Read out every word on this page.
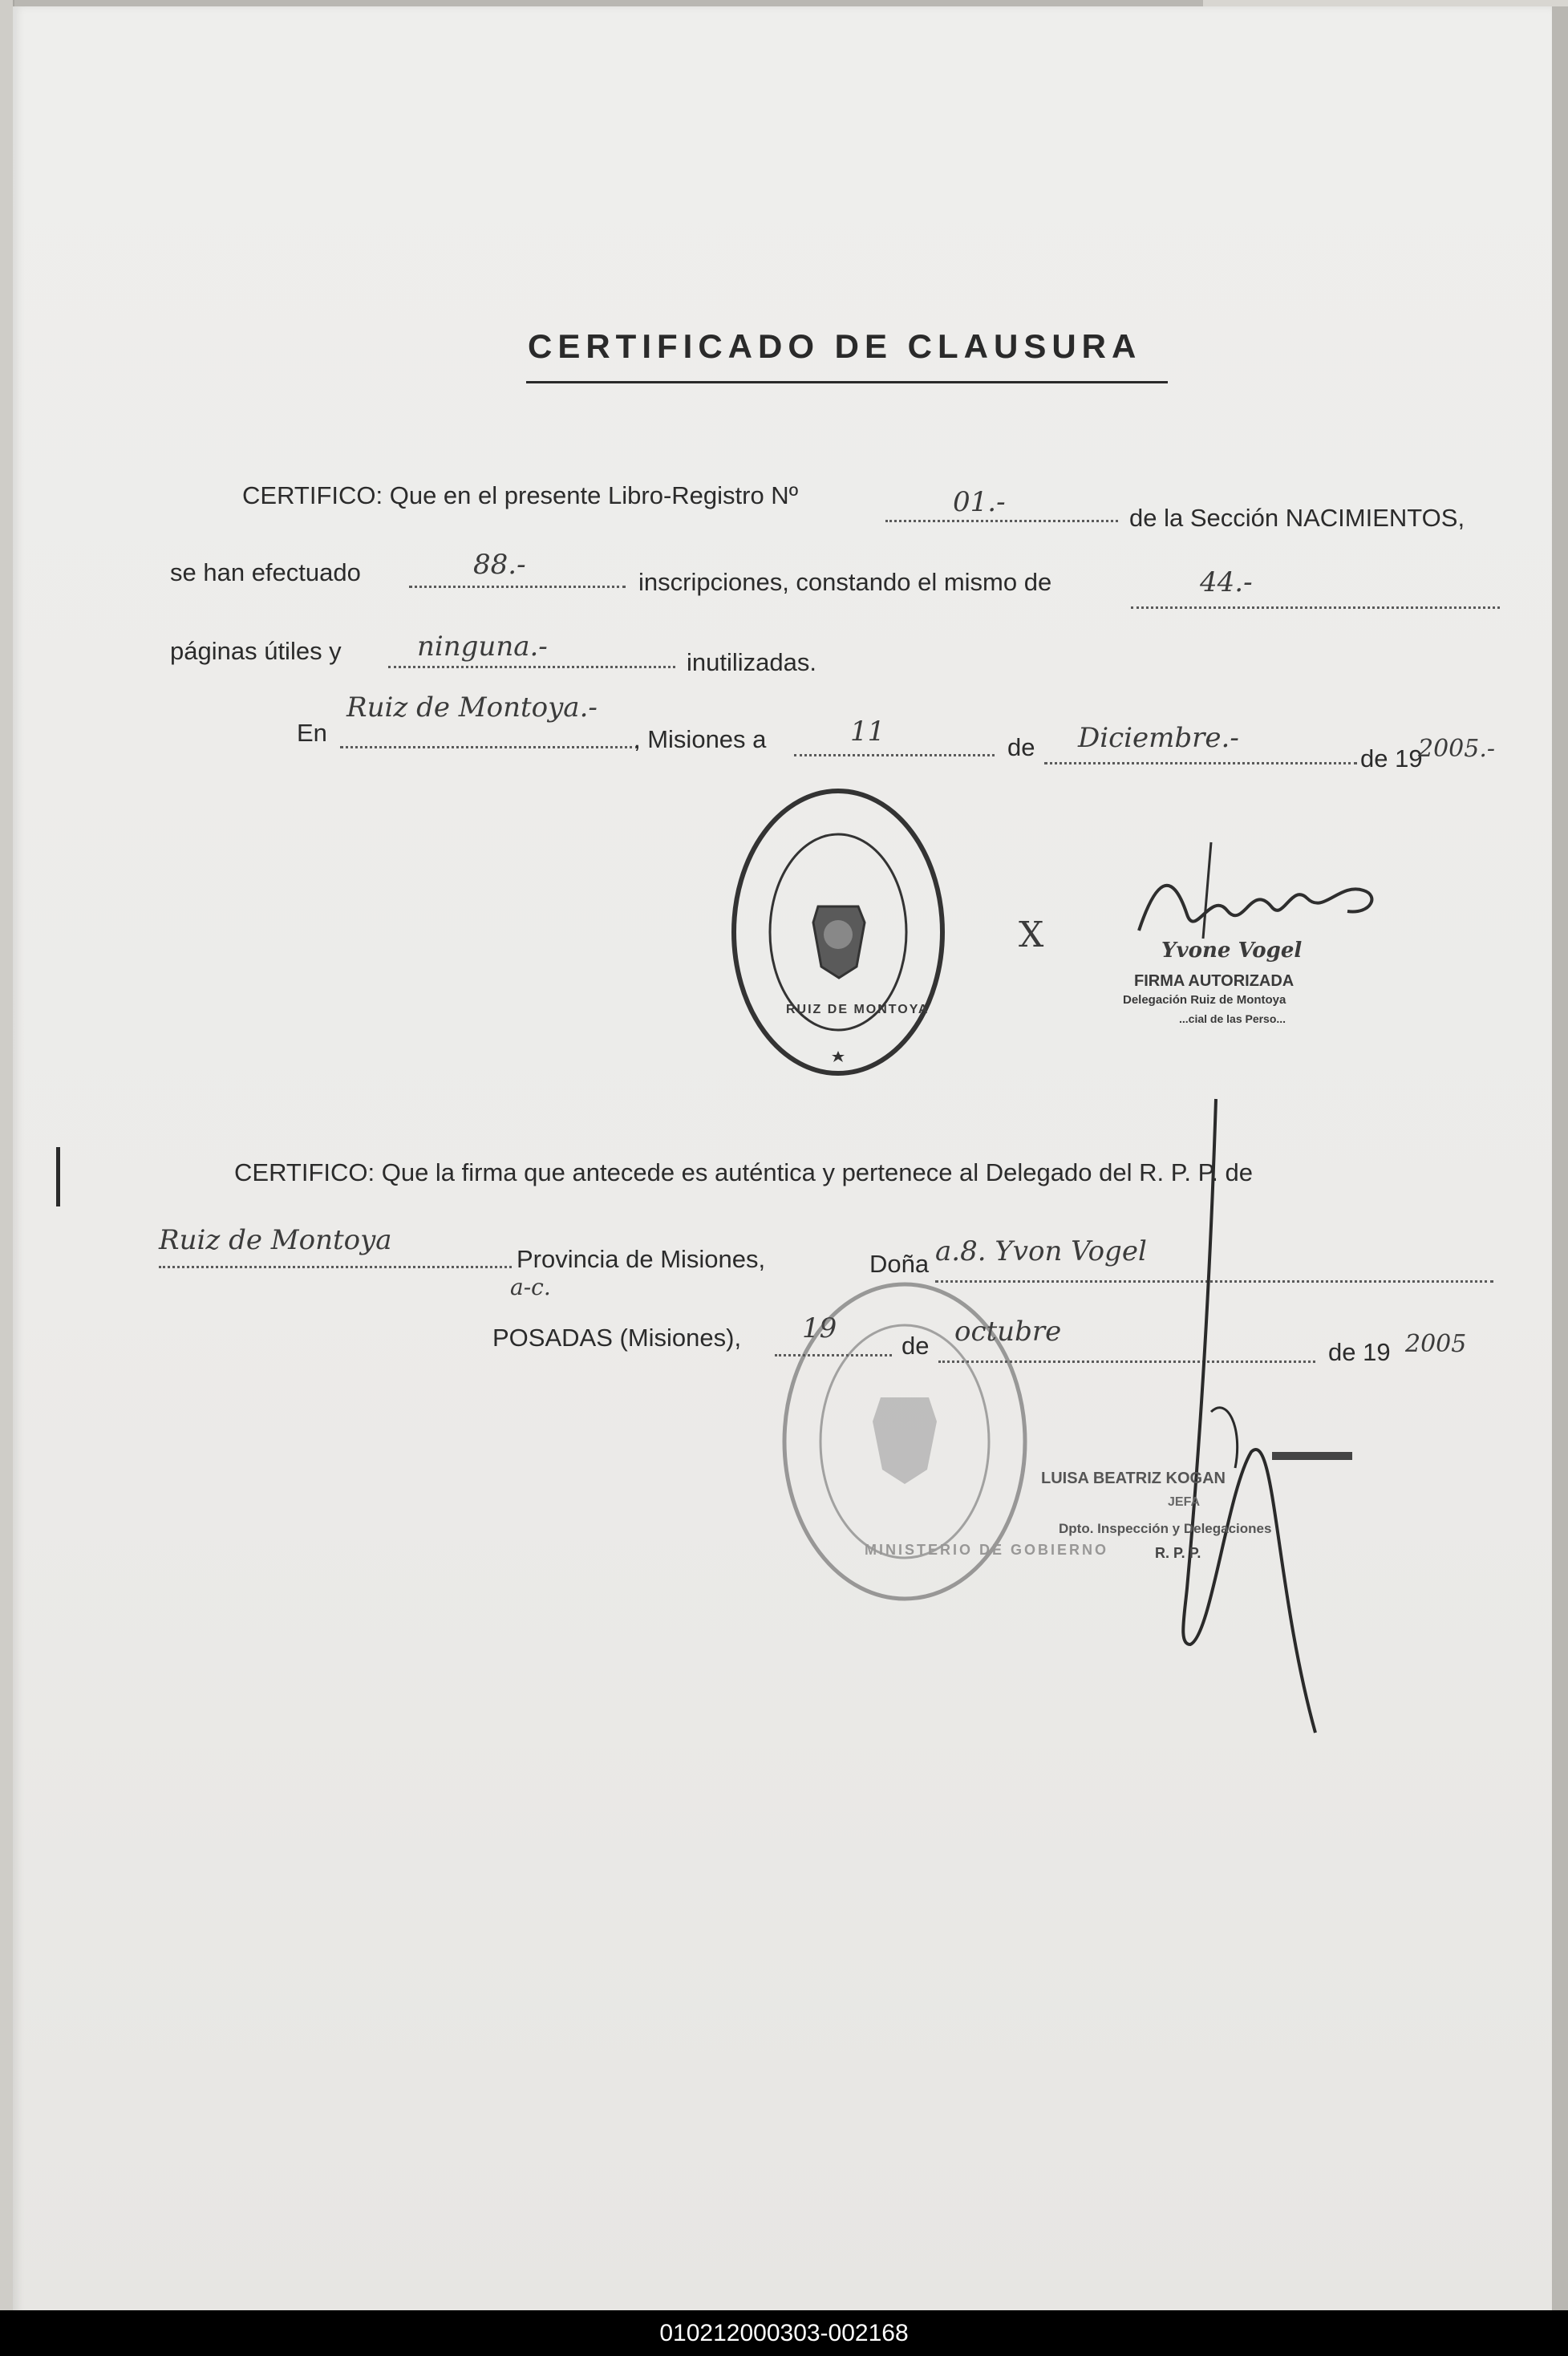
CERTIFICADO DE CLAUSURA
CERTIFICO: Que en el presente Libro-Registro Nº	01.-	de la Sección NACIMIENTOS,
se han efectuado	88.-
inscripciones, constando el mismo de	44.-
páginas útiles y	ninguna.-	inutilizadas.
En
Ruiz de Montoya.-
, Misiones a	11	de Diciembre.-
de 19
2005.-
RUIZ DE MONTOYA
X	Yvone Vogel
FIRMA AUTORIZADA
Delegación Ruiz de Montoya
...cial de las Perso...
CERTIFICO: Que la firma que antecede es auténtica y pertenece al Delegado del R. P. P. de
Ruiz de Montoya
Provincia de Misiones,	Doña a.8. Yvon Vogel
a-c.
POSADAS (Misiones), 19
de octubre
de 19 2005
MINISTERIO DE GOBIERNO
LUISA BEATRIZ KOGAN
JEFA
Dpto. Inspección y Delegaciones
R. P. P.
010212000303-002168
